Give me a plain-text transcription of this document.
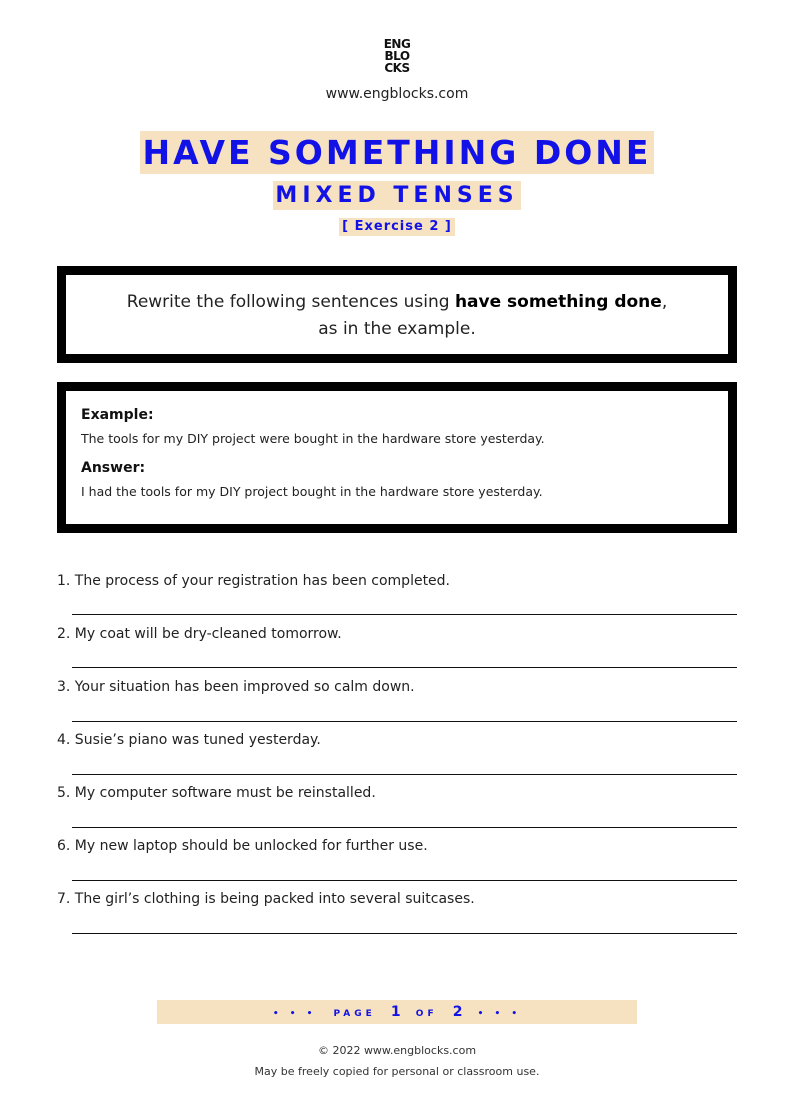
ENG
BLO
CKS
www.engblocks.com
HAVE SOMETHING DONE
MIXED TENSES
[ Exercise 2 ]
Rewrite the following sentences using have something done,
as in the example.
Example:
The tools for my DIY project were bought in the hardware store yesterday.
Answer:
I had the tools for my DIY project bought in the hardware store yesterday.
1. The process of your registration has been completed.
2. My coat will be dry-cleaned tomorrow.
3. Your situation has been improved so calm down.
4. Susie’s piano was tuned yesterday.
5. My computer software must be reinstalled.
6. My new laptop should be unlocked for further use.
7. The girl’s clothing is being packed into several suitcases.
• • • PAGE 1 OF 2 • • •
© 2022 www.engblocks.com
May be freely copied for personal or classroom use.
